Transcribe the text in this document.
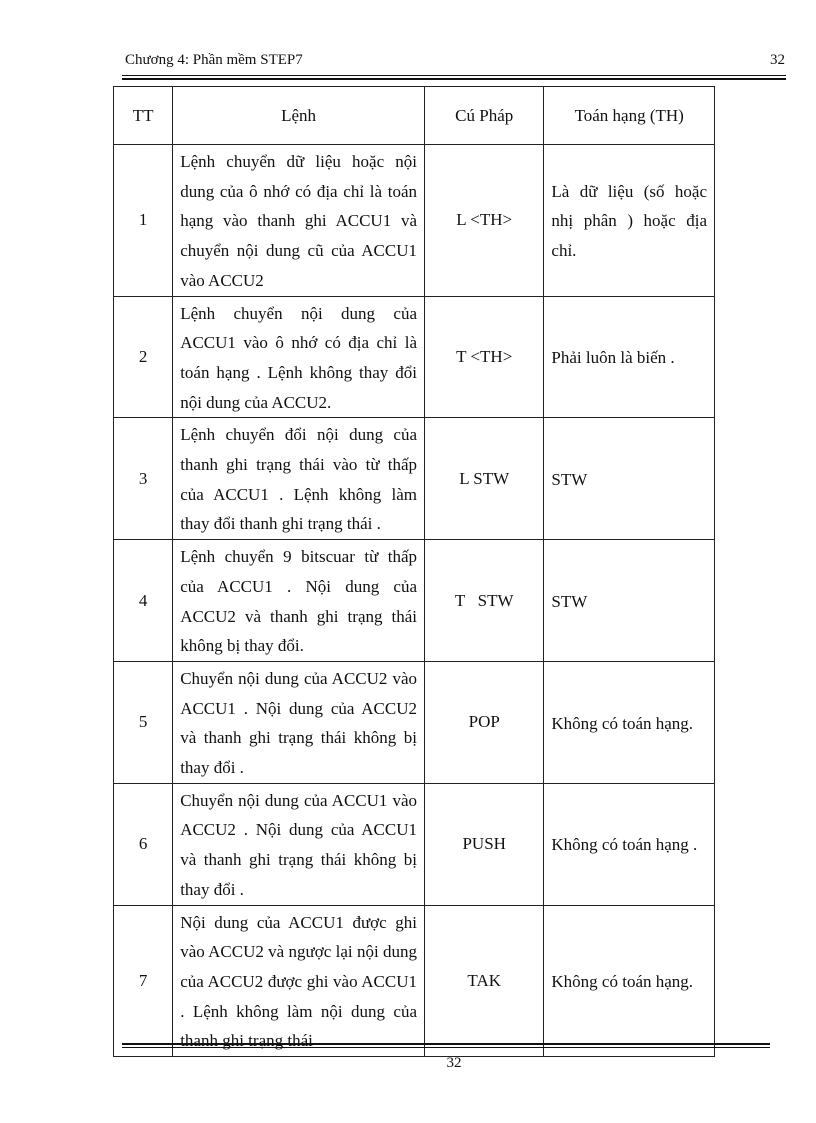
Chương 4: Phần mềm STEP7	32
TT	Lệnh	Cú Pháp	Toán hạng (TH)
1	Lệnh chuyển dữ liệu hoặc nội dung của ô nhớ có địa chỉ là toán hạng vào thanh ghi ACCU1 và chuyển nội dung cũ của ACCU1 vào ACCU2	L <TH>	Là dữ liệu (số hoặc nhị phân ) hoặc địa chỉ.

2	Lệnh chuyển nội dung của ACCU1 vào ô nhớ có địa chỉ là toán hạng . Lệnh không thay đổi nội dung của ACCU2.	T <TH>	Phải luôn là biến .

3	Lệnh chuyển đổi nội dung của thanh ghi trạng thái vào từ thấp của ACCU1 . Lệnh không làm thay đổi thanh ghi trạng thái .	L STW	STW

4	Lệnh chuyển 9 bitscuar từ thấp của ACCU1 . Nội dung của ACCU2 và thanh ghi trạng thái không bị thay đổi.	T   STW	STW

5	Chuyển nội dung của ACCU2 vào ACCU1 . Nội dung của ACCU2 và thanh ghi trạng thái không bị thay đổi .	POP	Không có toán hạng.

6	Chuyển nội dung của ACCU1 vào ACCU2 . Nội dung của ACCU1 và thanh ghi trạng thái không bị thay đổi .	PUSH	Không có toán hạng .

7	Nội dung của ACCU1 được ghi vào ACCU2 và ngược lại nội dung của ACCU2 được ghi vào ACCU1 . Lệnh không làm nội dung của thanh ghi trạng thái	TAK	Không có toán hạng.
32
